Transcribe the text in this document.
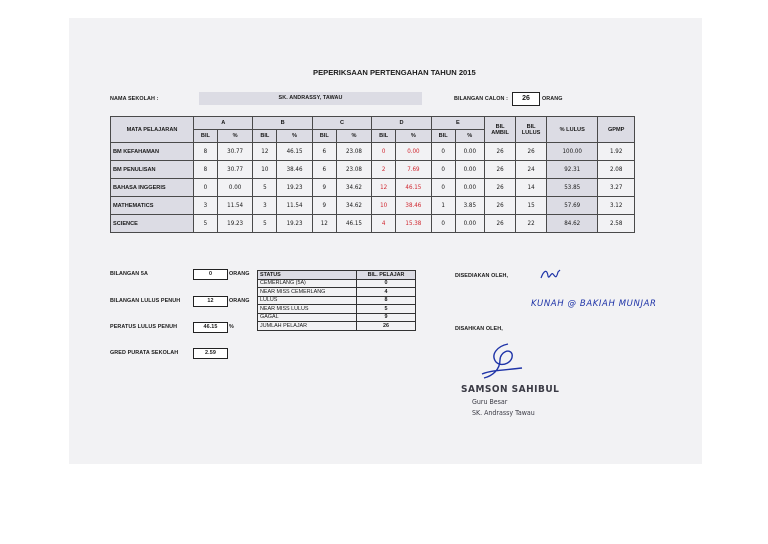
PEPERIKSAAN PERTENGAHAN TAHUN 2015
NAMA SEKOLAH :	SK. ANDRASSY, TAWAU	BILANGAN CALON :	26	ORANG
MATA PELAJARAN	A		B		C		D		E		BIL AMBIL	BIL LULUS	% LULUS	GPMP
	BIL	%	BIL	%	BIL	%	BIL	%	BIL	%				
BM KEFAHAMAN	8	30.77	12	46.15	6	23.08	0	0.00	0	0.00	26	26	100.00	1.92
BM PENULISAN	8	30.77	10	38.46	6	23.08	2	7.69	0	0.00	26	24	92.31	2.08
BAHASA INGGERIS	0	0.00	5	19.23	9	34.62	12	46.15	0	0.00	26	14	53.85	3.27
MATHEMATICS	3	11.54	3	11.54	9	34.62	10	38.46	1	3.85	26	15	57.69	3.12
SCIENCE	5	19.23	5	19.23	12	46.15	4	15.38	0	0.00	26	22	84.62	2.58
BILANGAN 5A	0	ORANG
BILANGAN LULUS PENUH	12	ORANG
PERATUS LULUS PENUH	46.15	%
GRED PURATA SEKOLAH	2.59
STATUS	BIL. PELAJAR
CEMERLANG (5A)	0
NEAR MISS CEMERLANG	4
LULUS	8
NEAR MISS LULUS	5
GAGAL	9
JUMLAH PELAJAR	26
DISEDIAKAN OLEH,
KUNAH @ BAKIAH MUNJAR
DISAHKAN OLEH,
SAMSON SAHIBUL
Guru Besar
SK. Andrassy Tawau
